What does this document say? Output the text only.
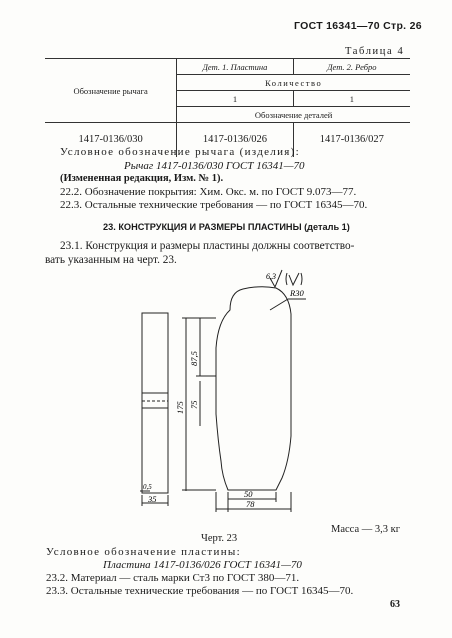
ГОСТ 16341—70 Стр. 26
Таблица 4
Обозначение рычага	Дет. 1. Пластина	Дет. 2. Ребро
	Количество	
	1	1
	Обозначение деталей	
1417-0136/030	1417-0136/026	1417-0136/027
Условное обозначение рычага (изделия):
Рычаг 1417-0136/030 ГОСТ 16341—70
(Измененная редакция, Изм. № 1).
22.2. Обозначение покрытия: Хим. Окс. м. по ГОСТ 9.073—77.
22.3. Остальные технические требования — по ГОСТ 16345—70.
23. КОНСТРУКЦИЯ И РАЗМЕРЫ ПЛАСТИНЫ (деталь 1)
23.1. Конструкция и размеры пластины должны соответство-
вать указанным на черт. 23.
6,3
R30
87,5
175 75
0,5
35	50
78
Черт. 23
Масса — 3,3 кг
Условное обозначение пластины:
Пластина 1417-0136/026 ГОСТ 16341—70
23.2. Материал — сталь марки Ст3 по ГОСТ 380—71.
23.3. Остальные технические требования — по ГОСТ 16345—70.
63
